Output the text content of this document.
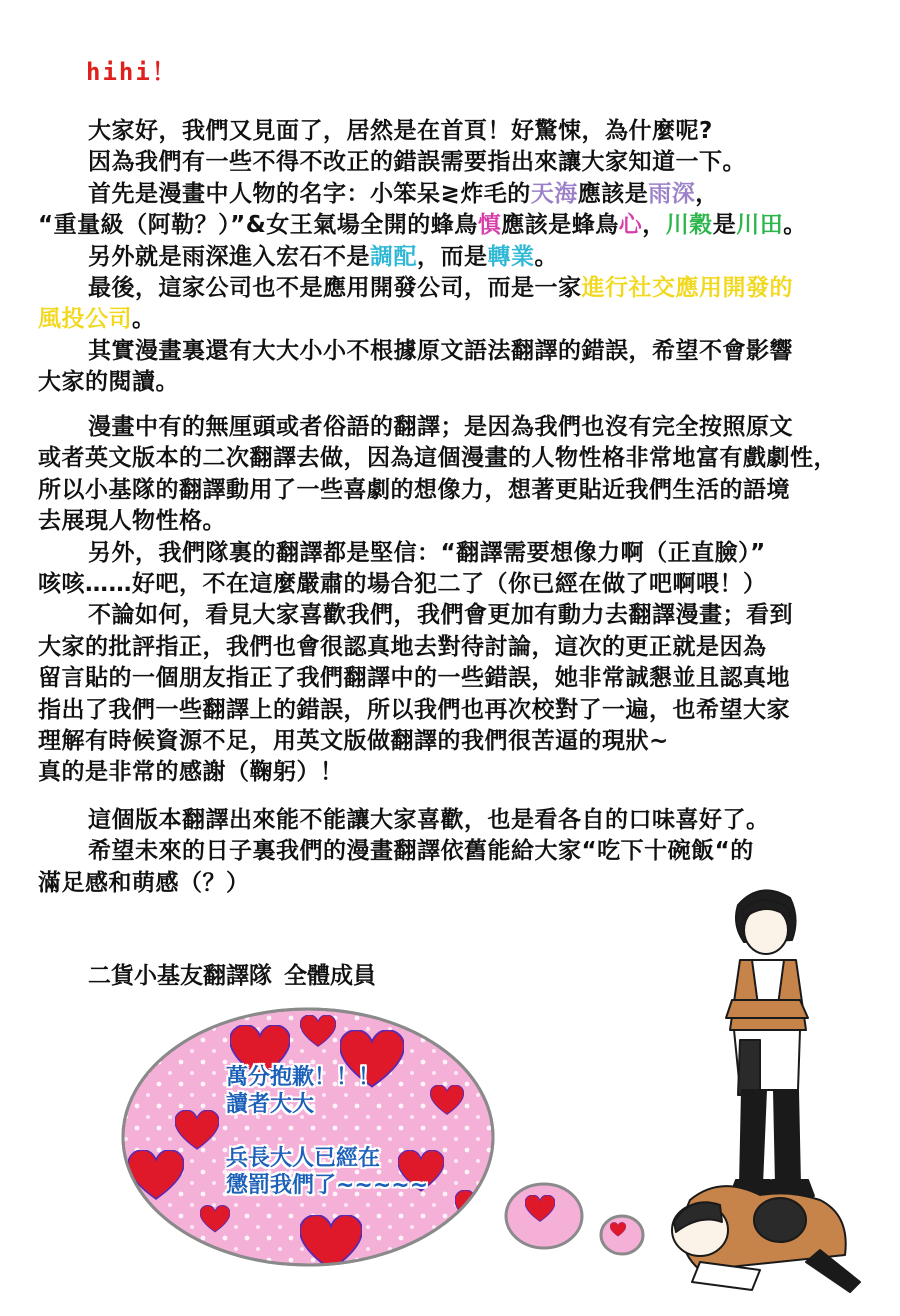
hihi！
大家好，我們又見面了，居然是在首頁！好驚悚，為什麼呢?
因為我們有一些不得不改正的錯誤需要指出來讓大家知道一下。
首先是漫畫中人物的名字：小笨呆≷炸毛的天海應該是雨深，
“重量級（阿勒？）”&女王氣場全開的蜂鳥慎應該是蜂鳥心，川穀是川田。
另外就是雨深進入宏石不是調配，而是轉業。
最後，這家公司也不是應用開發公司，而是一家進行社交應用開發的
風投公司。
其實漫畫裏還有大大小小不根據原文語法翻譯的錯誤，希望不會影響
大家的閱讀。
漫畫中有的無厘頭或者俗語的翻譯；是因為我們也沒有完全按照原文
或者英文版本的二次翻譯去做，因為這個漫畫的人物性格非常地富有戲劇性，
所以小基隊的翻譯動用了一些喜劇的想像力，想著更貼近我們生活的語境
去展現人物性格。
另外，我們隊裏的翻譯都是堅信：“翻譯需要想像力啊（正直臉）”
咳咳……好吧，不在這麼嚴肅的場合犯二了（你已經在做了吧啊喂！）
不論如何，看見大家喜歡我們，我們會更加有動力去翻譯漫畫；看到
大家的批評指正，我們也會很認真地去對待討論，這次的更正就是因為
留言貼的一個朋友指正了我們翻譯中的一些錯誤，她非常誠懇並且認真地
指出了我們一些翻譯上的錯誤，所以我們也再次校對了一遍，也希望大家
理解有時候資源不足，用英文版做翻譯的我們很苦逼的現狀~
真的是非常的感謝（鞠躬）！
這個版本翻譯出來能不能讓大家喜歡，也是看各自的口味喜好了。
希望未來的日子裏我們的漫畫翻譯依舊能給大家“吃下十碗飯“的
滿足感和萌感（？）
二貨小基友翻譯隊 全體成員
萬分抱歉！！！
讀者大大
兵長大人已經在
懲罰我們了~~~~~
